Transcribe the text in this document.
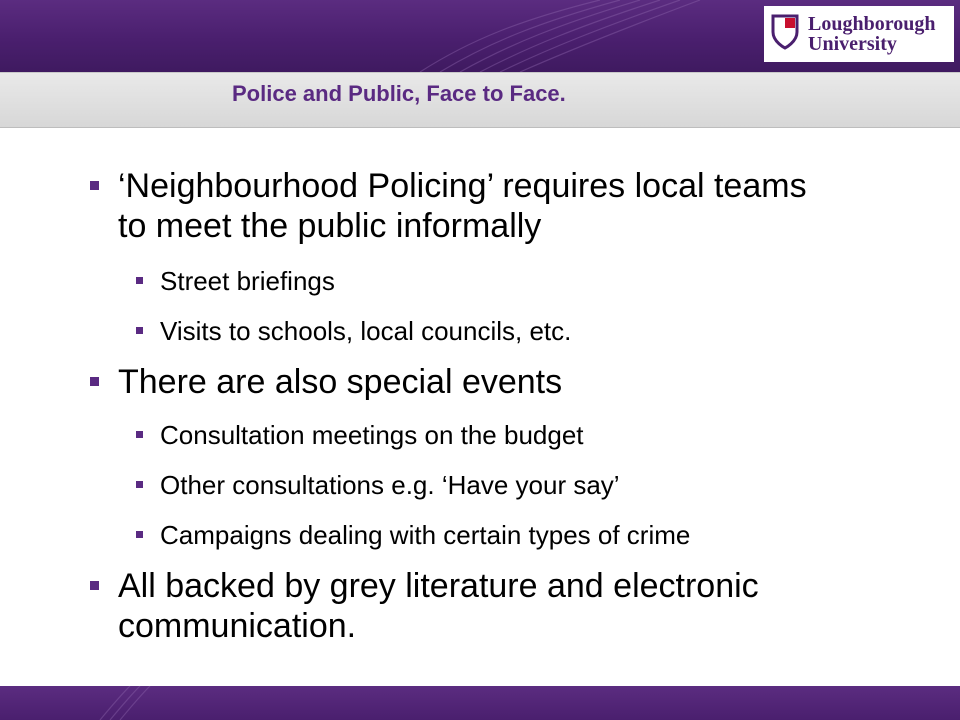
Loughborough
University
Police and Public, Face to Face.
‘Neighbourhood Policing’ requires local teams
to meet the public informally
Street briefings
Visits to schools, local councils, etc.
There are also special events
Consultation meetings on the budget
Other consultations e.g. ‘Have your say’
Campaigns dealing with certain types of crime
All backed by grey literature and electronic
communication.
